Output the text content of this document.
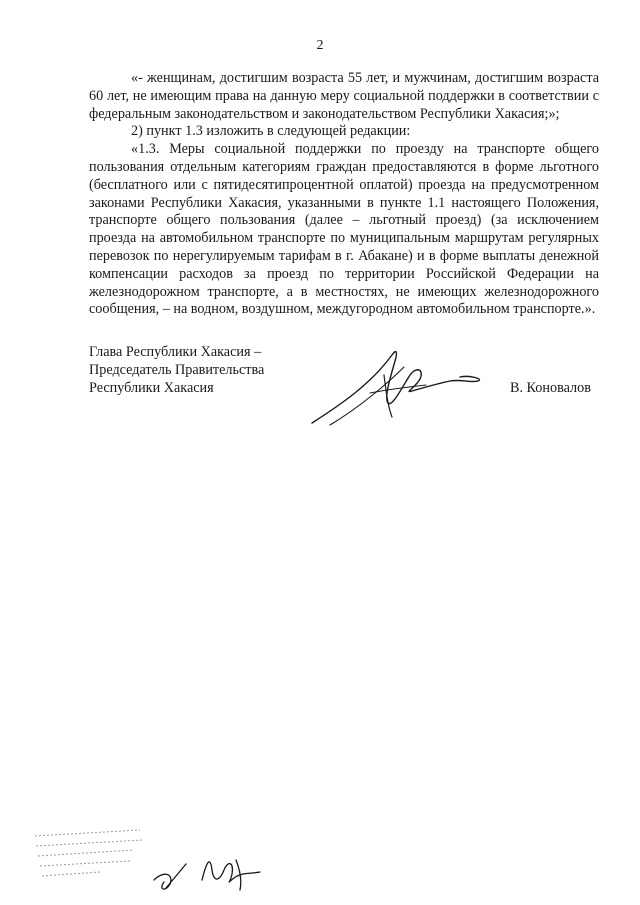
2

«- женщинам, достигшим возраста 55 лет, и мужчинам, достигшим возраста 60 лет, не имеющим права на данную меру социальной поддержки в соответствии с федеральным законодательством и законодательством Республики Хакасия;»;

2) пункт 1.3 изложить в следующей редакции:

«1.3. Меры социальной поддержки по проезду на транспорте общего пользования отдельным категориям граждан предоставляются в форме льготного (бесплатного или с пятидесятипроцентной оплатой) проезда на предусмотренном законами Республики Хакасия, указанными в пункте 1.1 настоящего Положения, транспорте общего пользования (далее – льготный проезд) (за исключением проезда на автомобильном транспорте по муниципальным маршрутам регулярных перевозок по нерегулируемым тарифам в г. Абакане) и в форме выплаты денежной компенсации расходов за проезд по территории Российской Федерации на железнодорожном транспорте, а в местностях, не имеющих железнодорожного сообщения, – на водном, воздушном, междугородном автомобильном транспорте.».

Глава Республики Хакасия –
Председатель Правительства
Республики Хакасия	В. Коновалов
